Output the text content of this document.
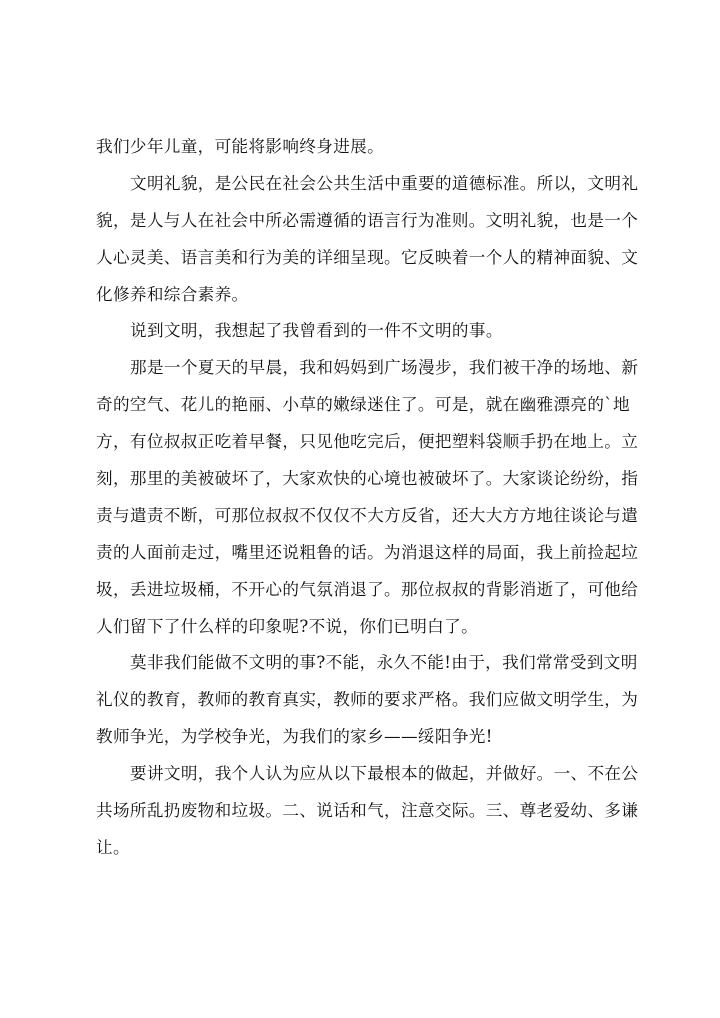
我们少年儿童，可能将影响终身进展。
文明礼貌，是公民在社会公共生活中重要的道德标准。所以，文明礼
貌，是人与人在社会中所必需遵循的语言行为准则。文明礼貌，也是一个
人心灵美、语言美和行为美的详细呈现。它反映着一个人的精神面貌、文
化修养和综合素养。
说到文明，我想起了我曾看到的一件不文明的事。
那是一个夏天的早晨，我和妈妈到广场漫步，我们被干净的场地、新
奇的空气、花儿的艳丽、小草的嫩绿迷住了。可是，就在幽雅漂亮的`地
方，有位叔叔正吃着早餐，只见他吃完后，便把塑料袋顺手扔在地上。立
刻，那里的美被破坏了，大家欢快的心境也被破坏了。大家谈论纷纷，指
责与遣责不断，可那位叔叔不仅仅不大方反省，还大大方方地往谈论与遣
责的人面前走过，嘴里还说粗鲁的话。为消退这样的局面，我上前捡起垃
圾，丢进垃圾桶，不开心的气氛消退了。那位叔叔的背影消逝了，可他给
人们留下了什么样的印象呢?不说，你们已明白了。
莫非我们能做不文明的事?不能，永久不能!由于，我们常常受到文明
礼仪的教育，教师的教育真实，教师的要求严格。我们应做文明学生，为
教师争光，为学校争光，为我们的家乡——绥阳争光!
要讲文明，我个人认为应从以下最根本的做起，并做好。一、不在公
共场所乱扔废物和垃圾。二、说话和气，注意交际。三、尊老爱幼、多谦
让。
